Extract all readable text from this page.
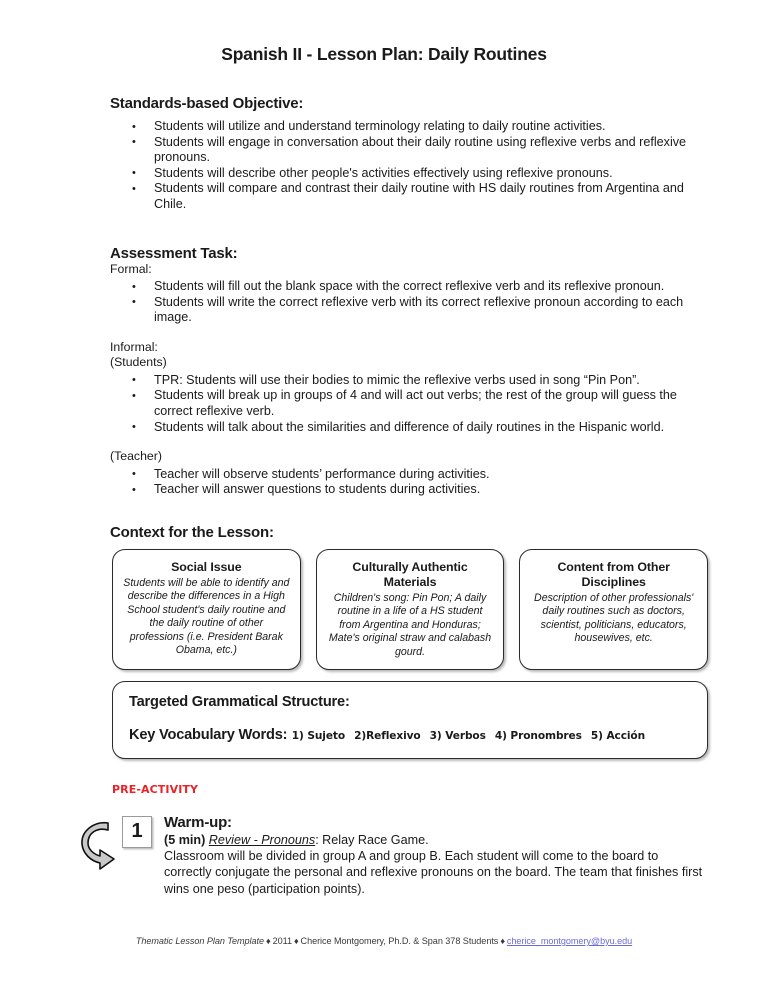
Spanish II - Lesson Plan: Daily Routines
Standards-based Objective:
• Students will utilize and understand terminology relating to daily routine activities.
• Students will engage in conversation about their daily routine using reflexive verbs and reflexive pronouns.
• Students will describe other people's activities effectively using reflexive pronouns.
• Students will compare and contrast their daily routine with HS daily routines from Argentina and Chile.
Assessment Task:

Formal:

• Students will fill out the blank space with the correct reflexive verb and its reflexive pronoun.
• Students will write the correct reflexive verb with its correct reflexive pronoun according to each image.

Informal:

(Students)

• TPR: Students will use their bodies to mimic the reflexive verbs used in song “Pin Pon”.
• Students will break up in groups of 4 and will act out verbs; the rest of the group will guess the correct reflexive verb.
• Students will talk about the similarities and difference of daily routines in the Hispanic world.

(Teacher)

• Teacher will observe students’ performance during activities.
• Teacher will answer questions to students during activities.
Context for the Lesson:

Social Issue

Students will be able to identify and describe the differences in a High School student's daily routine and the daily routine of other professions (i.e. President Barak Obama, etc.)

Culturally Authentic Materials

Children's song: Pin Pon; A daily routine in a life of a HS student from Argentina and Honduras; Mate's original straw and calabash gourd.

Content from Other Disciplines

Description of other professionals' daily routines such as doctors, scientist, politicians, educators, housewives, etc.

Targeted Grammatical Structure:

Key Vocabulary Words: 1) Sujeto 2)Reflexivo 3) Verbos 4) Pronombres 5) Acción

PRE-ACTIVITY

1	Warm-up:

(5 min) Review - Pronouns: Relay Race Game.

Classroom will be divided in group A and group B. Each student will come to the board to correctly conjugate the personal and reflexive pronouns on the board. The team that finishes first wins one peso (participation points).

Thematic Lesson Plan Template ♦ 2011 ♦ Cherice Montgomery, Ph.D. & Span 378 Students ♦ cherice_montgomery@byu.edu
